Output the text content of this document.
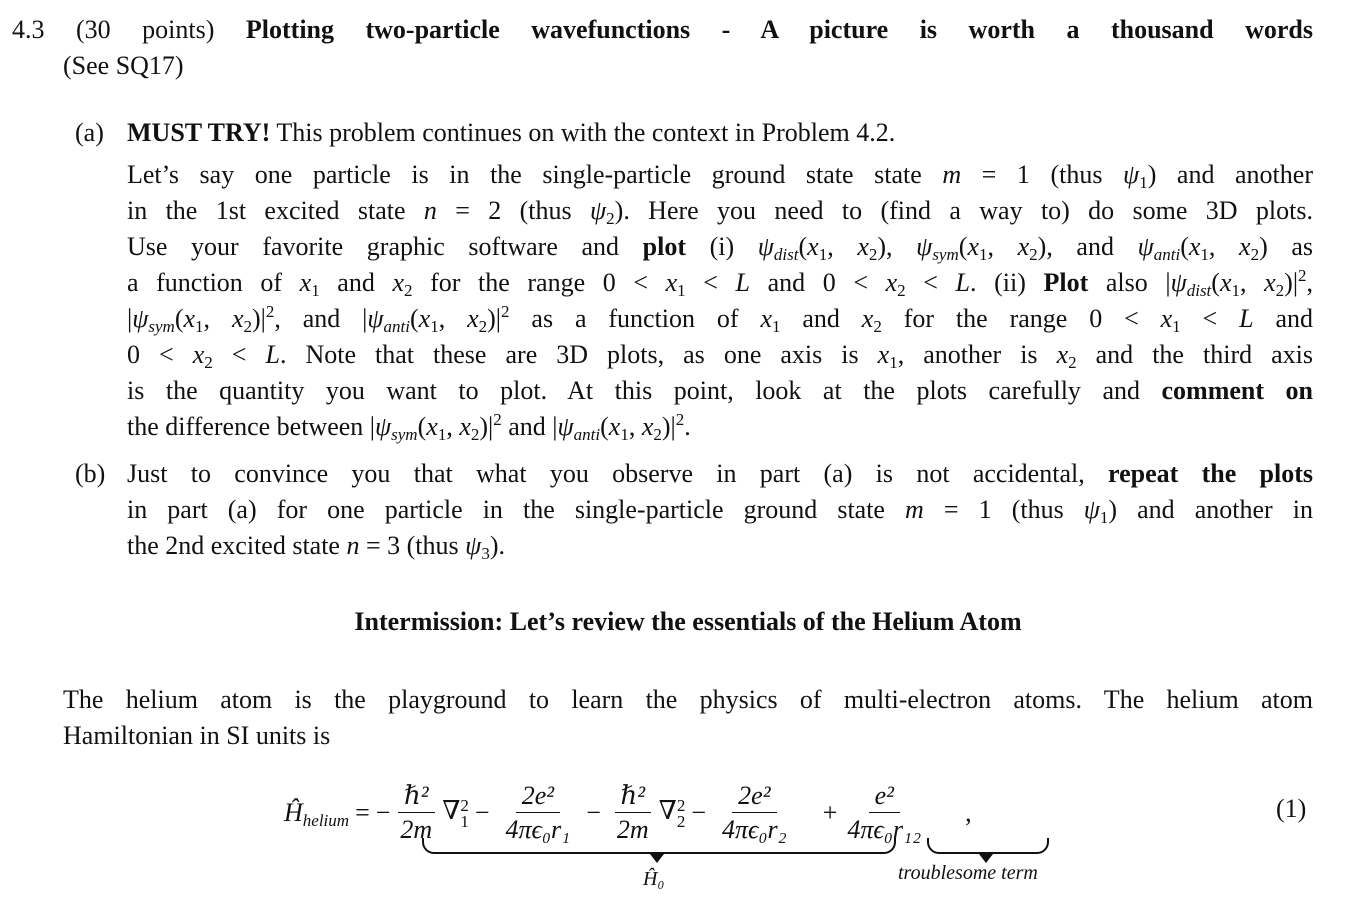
4.3 (30 points) Plotting two-particle wavefunctions - A picture is worth a thousand words
(See SQ17)
(a) MUST TRY! This problem continues on with the context in Problem 4.2.
Let’s say one particle is in the single-particle ground state state m = 1 (thus ψ1) and another
in the 1st excited state n = 2 (thus ψ2). Here you need to (find a way to) do some 3D plots.
Use your favorite graphic software and plot (i) ψdist(x1, x2), ψsym(x1, x2), and ψanti(x1, x2) as
a function of x1 and x2 for the range 0 < x1 < L and 0 < x2 < L. (ii) Plot also |ψdist(x1, $x2)|^2$,
|ψsym(x1, $x2)|^2$, and |ψanti(x1, $x2)|^2$ as a function of x1 and x2 for the range 0 < x1 < L and
0 < x2 < L. Note that these are 3D plots, as one axis is x1, another is x2 and the third axis
is the quantity you want to plot. At this point, look at the plots carefully and comment on
the difference between |ψsym(x1, $x2)|^2$ and |ψanti(x1, $x2)|^2$.
(b) Just to convince you that what you observe in part (a) is not accidental, repeat the plots
in part (a) for one particle in the single-particle ground state m = 1 (thus ψ1) and another in
the 2nd excited state n = 3 (thus ψ3).
Intermission: Let’s review the essentials of the Helium Atom
The helium atom is the playground to learn the physics of multi-electron atoms. The helium atom
Hamiltonian in SI units is
Ĥhelium = − $\frac{\text{ℏ²}}{2m}$ ∇ 2
$1 - \frac{\text{2e²}}{\text{4πϵ₀r₁}} - \frac{\text{ℏ²}}{2m}$ ∇ 2
$2 - \frac{\text{2e²}}{\text{4πϵ₀r₂}} + \frac{\text{e²}}{\text{4πϵ₀r₁₂}}$ ,
Ĥ₀	troublesome term
(1)
